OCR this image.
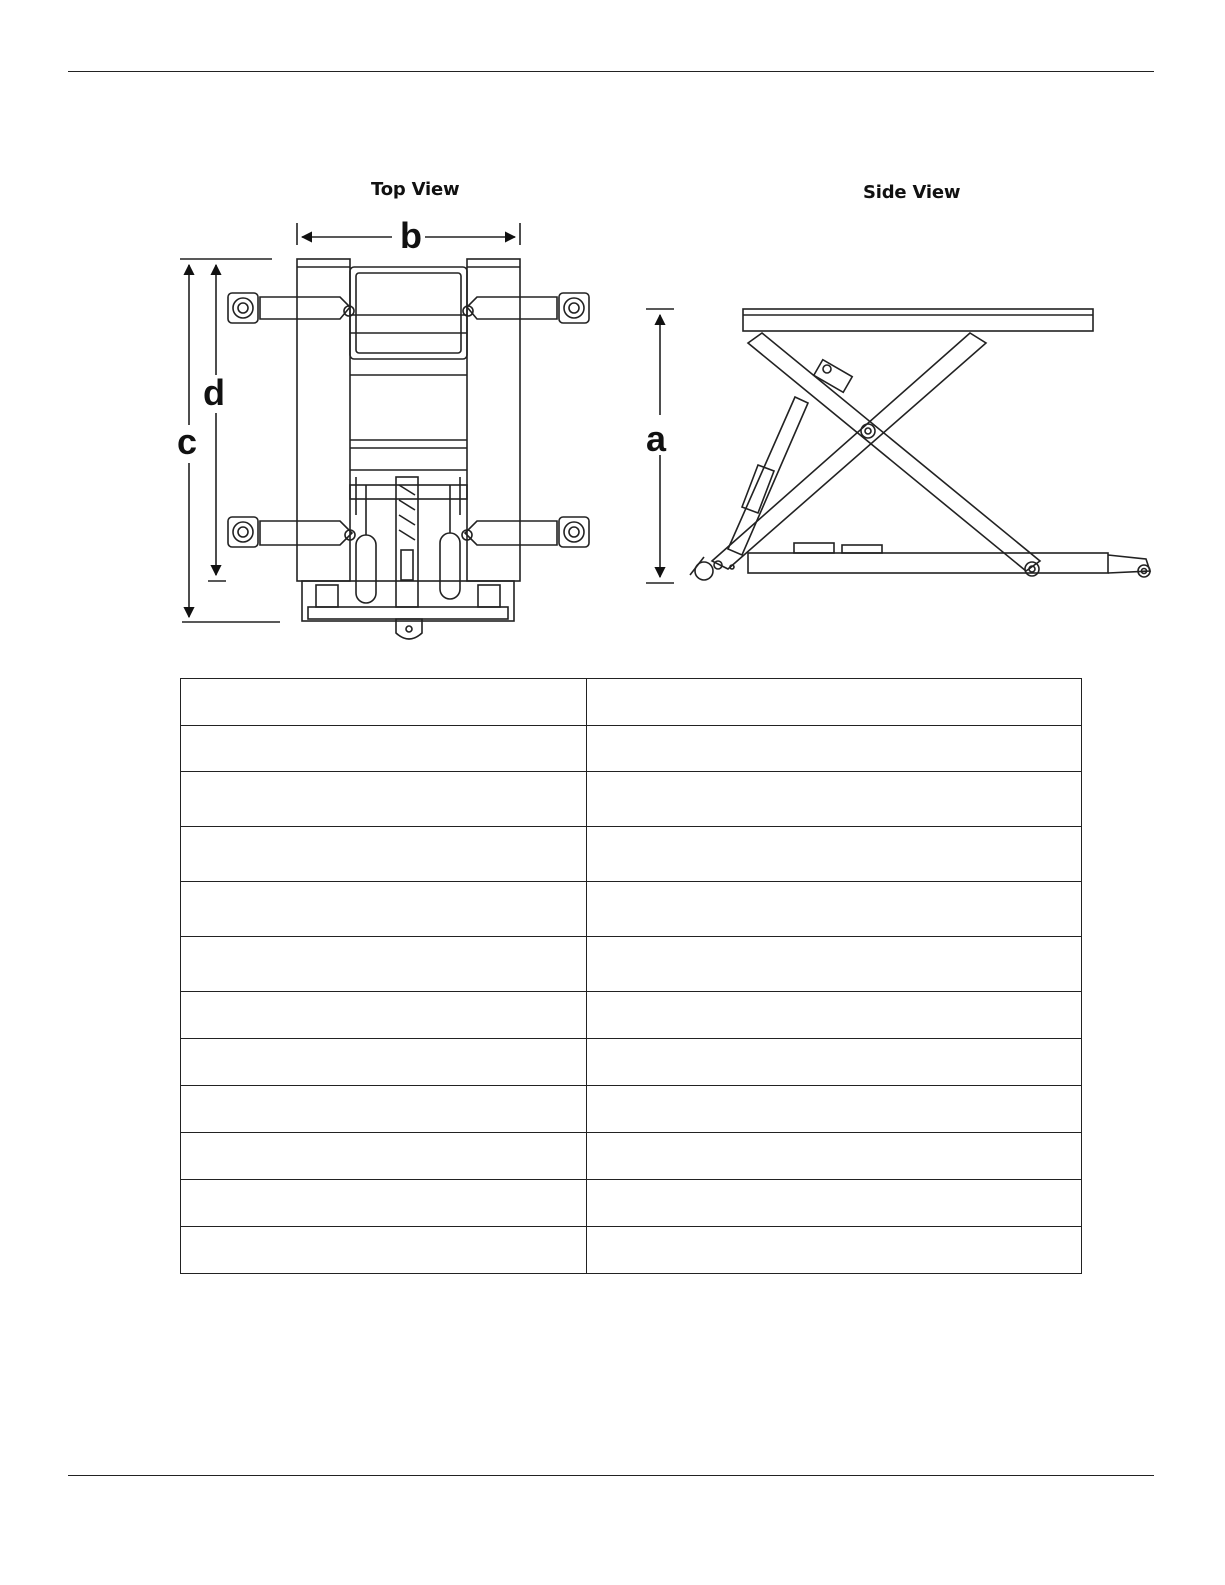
Top View	Side View
b
c
d
a
